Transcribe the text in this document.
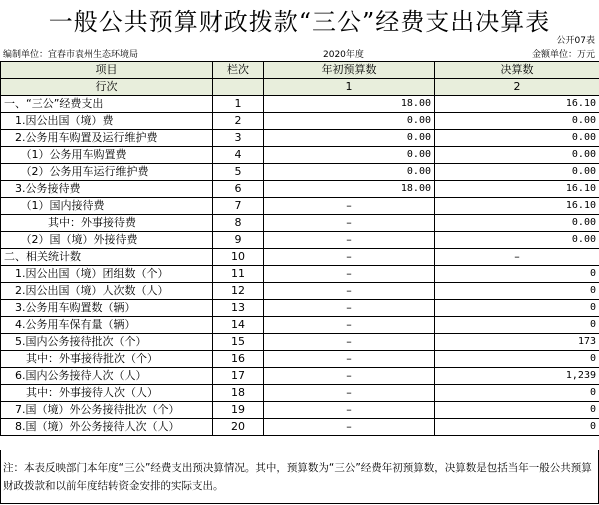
一般公共预算财政拨款“三公”经费支出决算表
公开07表
编制单位：宜春市袁州生态环境局	2020年度	金额单位：万元
项目	栏次	年初预算数	决算数
行次		1	2
一、“三公”经费支出	1	18.00	16.10
　1.因公出国（境）费	2	0.00	0.00
　2.公务用车购置及运行维护费	3	0.00	0.00
　　（1）公务用车购置费	4	0.00	0.00
　　（2）公务用车运行维护费	5	0.00	0.00
　3.公务接待费	6	18.00	16.10
　　（1）国内接待费	7	–	16.10
　　　　其中：外事接待费	8	–	0.00
　　（2）国（境）外接待费	9	–	0.00
二、相关统计数	10	–	–
　1.因公出国（境）团组数（个）	11	–	0
　2.因公出国（境）人次数（人）	12	–	0
　3.公务用车购置数（辆）	13	–	0
　4.公务用车保有量（辆）	14	–	0
　5.国内公务接待批次（个）	15	–	173
　　其中：外事接待批次（个）	16	–	0
　6.国内公务接待人次（人）	17	–	1,239
　　其中：外事接待人次（人）	18	–	0
　7.国（境）外公务接待批次（个）	19	–	0
　8.国（境）外公务接待人次（人）	20	–	0
注：本表反映部门本年度“三公”经费支出预决算情况。其中，预算数为“三公”经费年初预算数，决算数是包括当年一般公共预算财政拨款和以前年度结转资金安排的实际支出。
